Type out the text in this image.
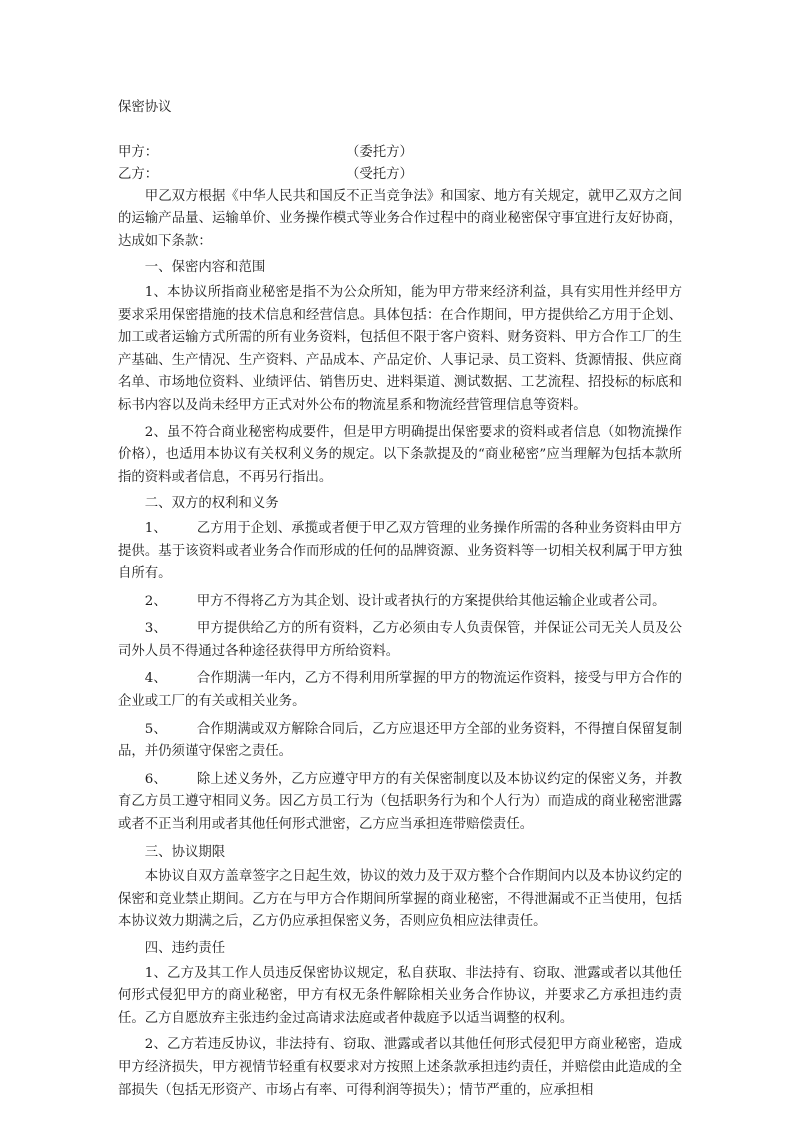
保密协议
甲方：	（委托方）
乙方：	（受托方）

甲乙双方根据《中华人民共和国反不正当竞争法》和国家、地方有关规定，就甲乙双方之间的运输产品量、运输单价、业务操作模式等业务合作过程中的商业秘密保守事宜进行友好协商，达成如下条款：

一、保密内容和范围

1、本协议所指商业秘密是指不为公众所知，能为甲方带来经济利益，具有实用性并经甲方要求采用保密措施的技术信息和经营信息。具体包括：在合作期间，甲方提供给乙方用于企划、加工或者运输方式所需的所有业务资料，包括但不限于客户资料、财务资料、甲方合作工厂的生产基础、生产情况、生产资料、产品成本、产品定价、人事记录、员工资料、货源情报、供应商名单、市场地位资料、业绩评估、销售历史、进料渠道、测试数据、工艺流程、招投标的标底和标书内容以及尚未经甲方正式对外公布的物流星系和物流经营管理信息等资料。

2、虽不符合商业秘密构成要件，但是甲方明确提出保密要求的资料或者信息（如物流操作价格），也适用本协议有关权利义务的规定。以下条款提及的“商业秘密”应当理解为包括本款所指的资料或者信息，不再另行指出。

二、双方的权利和义务

1、 乙方用于企划、承揽或者便于甲乙双方管理的业务操作所需的各种业务资料由甲方提供。基于该资料或者业务合作而形成的任何的品牌资源、业务资料等一切相关权利属于甲方独自所有。

2、 甲方不得将乙方为其企划、设计或者执行的方案提供给其他运输企业或者公司。

3、 甲方提供给乙方的所有资料，乙方必须由专人负责保管，并保证公司无关人员及公司外人员不得通过各种途径获得甲方所给资料。

4、 合作期满一年内，乙方不得利用所掌握的甲方的物流运作资料，接受与甲方合作的企业或工厂的有关或相关业务。

5、 合作期满或双方解除合同后，乙方应退还甲方全部的业务资料，不得擅自保留复制品，并仍须谨守保密之责任。

6、 除上述义务外，乙方应遵守甲方的有关保密制度以及本协议约定的保密义务，并教育乙方员工遵守相同义务。因乙方员工行为（包括职务行为和个人行为）而造成的商业秘密泄露或者不正当利用或者其他任何形式泄密，乙方应当承担连带赔偿责任。

三、协议期限

本协议自双方盖章签字之日起生效，协议的效力及于双方整个合作期间内以及本协议约定的保密和竞业禁止期间。乙方在与甲方合作期间所掌握的商业秘密，不得泄漏或不正当使用，包括本协议效力期满之后，乙方仍应承担保密义务，否则应负相应法律责任。

四、违约责任

1、乙方及其工作人员违反保密协议规定，私自获取、非法持有、窃取、泄露或者以其他任何形式侵犯甲方的商业秘密，甲方有权无条件解除相关业务合作协议，并要求乙方承担违约责任。乙方自愿放弃主张违约金过高请求法庭或者仲裁庭予以适当调整的权利。

2、乙方若违反协议，非法持有、窃取、泄露或者以其他任何形式侵犯甲方商业秘密，造成甲方经济损失，甲方视情节轻重有权要求对方按照上述条款承担违约责任，并赔偿由此造成的全部损失（包括无形资产、市场占有率、可得利润等损失）；情节严重的，应承担相
